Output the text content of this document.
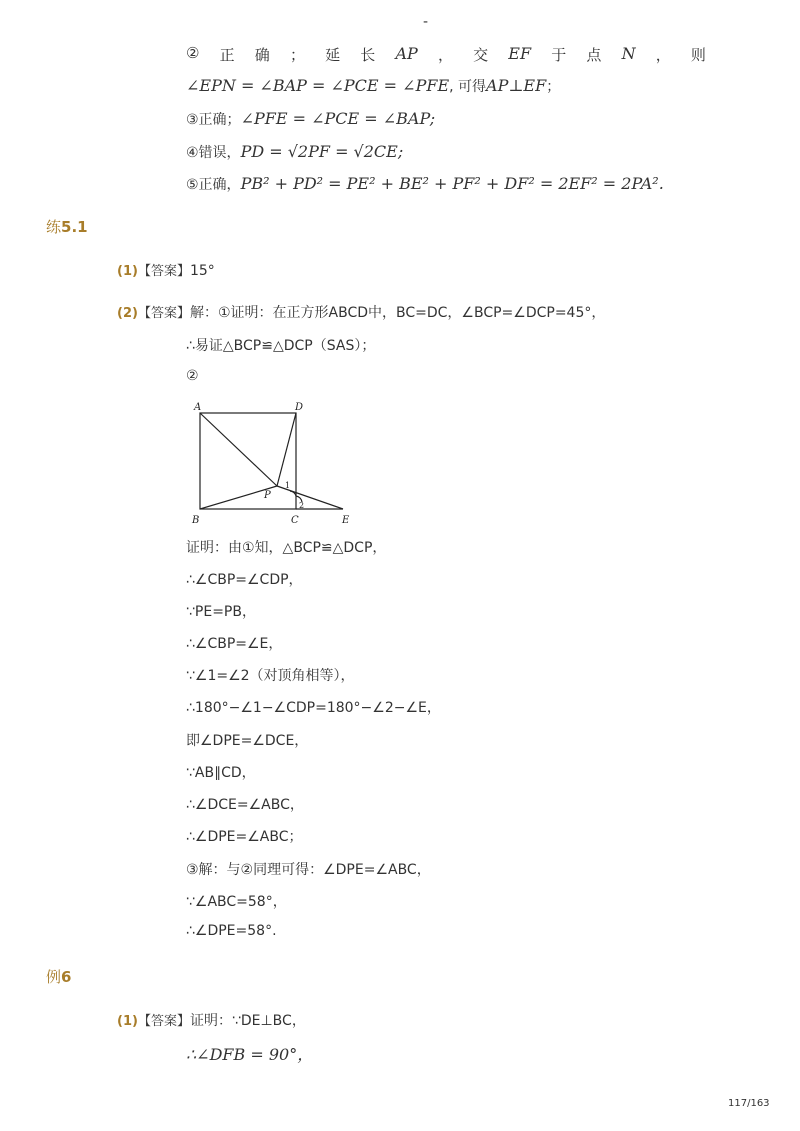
-
② 正 确 ； 延 长 AP ， 交 EF 于 点 N ， 则
∠EPN = ∠BAP = ∠PCE = ∠PFE, 可得AP⊥EF；
③正确；∠PFE = ∠PCE = ∠BAP;
④错误，PD = √2PF = √2CE;
⑤正确，PB² + PD² = PE² + BE² + PF² + DF² = 2EF² = 2PA².
练5.1
(1)【答案】15°
(2)【答案】解：①证明：在正方形ABCD中，BC=DC，∠BCP=∠DCP=45°，
∴易证△BCP≌△DCP（SAS）；
②
A	D
B	C	E
P
1
2
证明：由①知，△BCP≌△DCP，
∴∠CBP=∠CDP，
∵PE=PB，
∴∠CBP=∠E，
∵∠1=∠2（对顶角相等），
∴180°−∠1−∠CDP=180°−∠2−∠E，
即∠DPE=∠DCE，
∵AB∥CD，
∴∠DCE=∠ABC，
∴∠DPE=∠ABC；
③解：与②同理可得：∠DPE=∠ABC，
∵∠ABC=58°，
∴∠DPE=58°.
例6
(1)【答案】证明：∵DE⊥BC，
∴∠DFB = 90°，
117/163
